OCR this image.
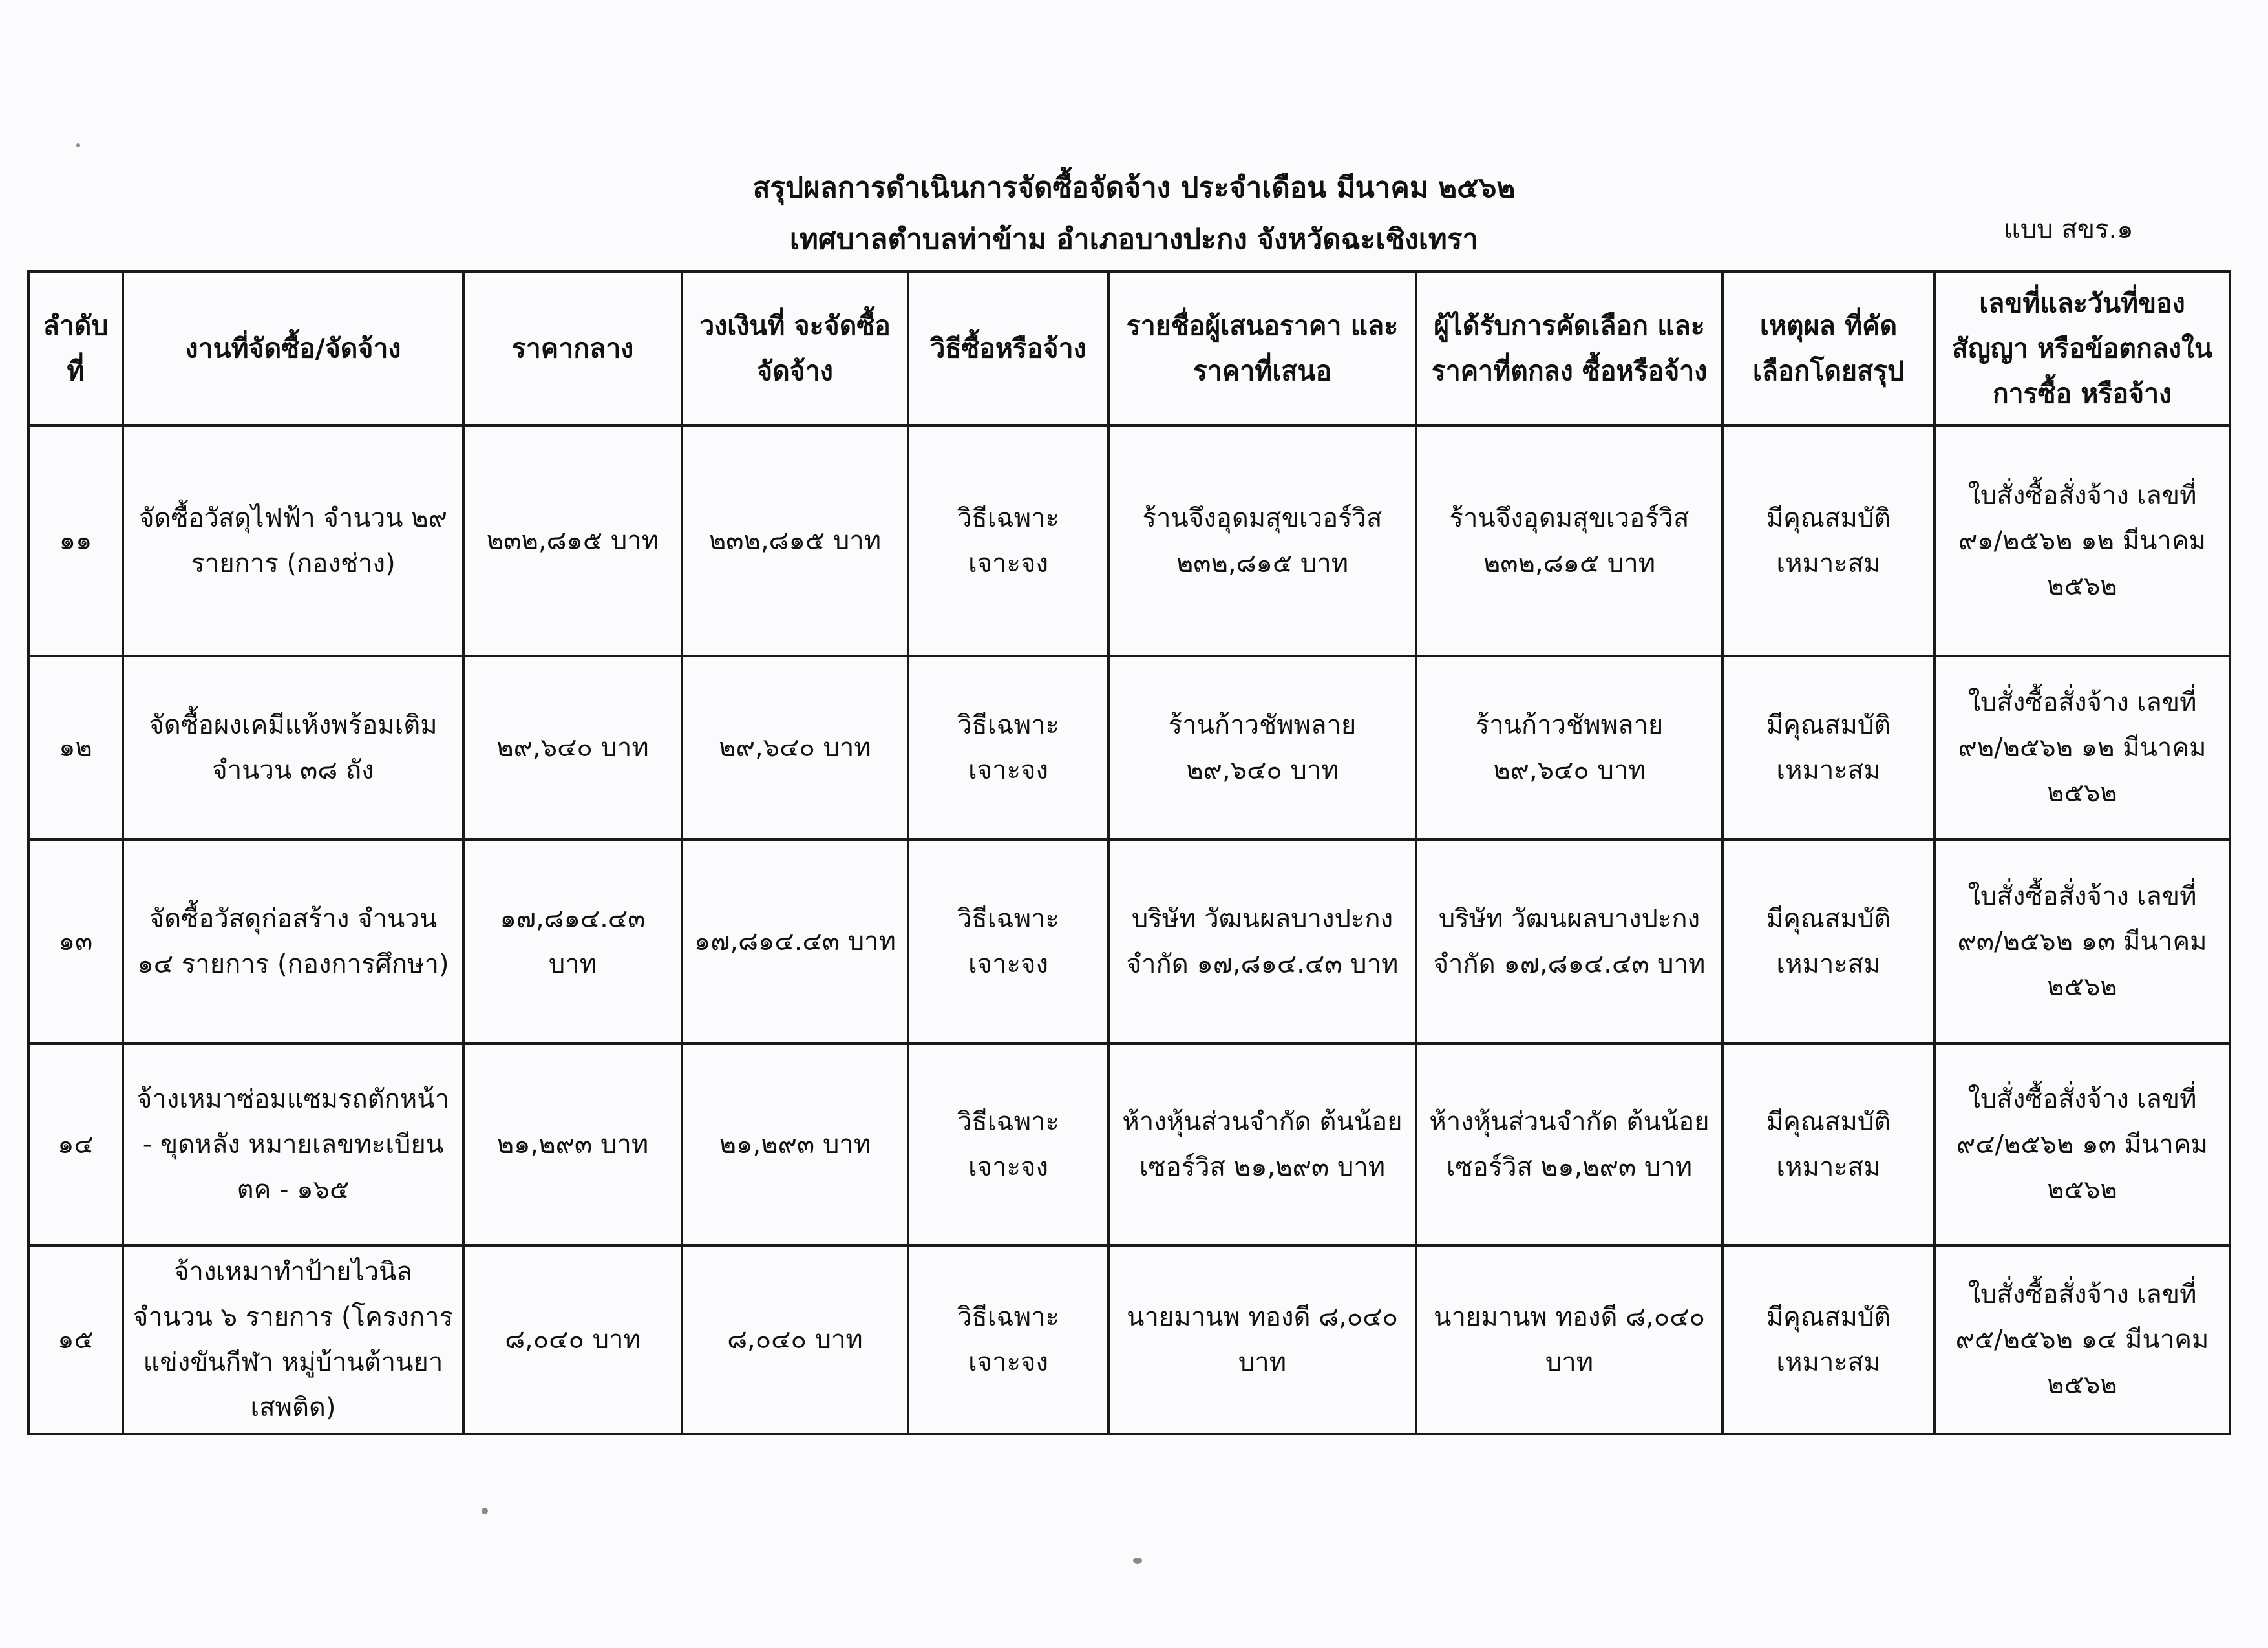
สรุปผลการดำเนินการจัดซื้อจัดจ้าง ประจำเดือน มีนาคม ๒๕๖๒
เทศบาลตำบลท่าข้าม อำเภอบางปะกง จังหวัดฉะเชิงเทรา	แบบ สขร.๑
ลำดับที่	งานที่จัดซื้อ/จัดจ้าง	ราคากลาง	วงเงินที่ จะจัดซื้อจัดจ้าง	วิธีซื้อหรือจ้าง	รายชื่อผู้เสนอราคา และราคาที่เสนอ	ผู้ได้รับการคัดเลือก และราคาที่ตกลง ซื้อหรือจ้าง	เหตุผล ที่คัดเลือกโดยสรุป	เลขที่และวันที่ของสัญญา หรือข้อตกลงในการซื้อ หรือจ้าง
๑๑	จัดซื้อวัสดุไฟฟ้า จำนวน ๒๙ รายการ (กองช่าง)	๒๓๒,๘๑๕ บาท	๒๓๒,๘๑๕ บาท	วิธีเฉพาะเจาะจง	ร้านจึงอุดมสุขเวอร์วิส ๒๓๒,๘๑๕ บาท	ร้านจึงอุดมสุขเวอร์วิส ๒๓๒,๘๑๕ บาท	มีคุณสมบัติ เหมาะสม	ใบสั่งซื้อสั่งจ้าง เลขที่ ๙๑/๒๕๖๒ ๑๒ มีนาคม ๒๕๖๒
๑๒	จัดซื้อผงเคมีแห้งพร้อมเติม จำนวน ๓๘ ถัง	๒๙,๖๔๐ บาท	๒๙,๖๔๐ บาท	วิธีเฉพาะเจาะจง	ร้านก้าวชัพพลาย ๒๙,๖๔๐ บาท	ร้านก้าวชัพพลาย ๒๙,๖๔๐ บาท	มีคุณสมบัติ เหมาะสม	ใบสั่งซื้อสั่งจ้าง เลขที่ ๙๒/๒๕๖๒ ๑๒ มีนาคม ๒๕๖๒
๑๓	จัดซื้อวัสดุก่อสร้าง จำนวน ๑๔ รายการ (กองการศึกษา)	๑๗,๘๑๔.๔๓ บาท	๑๗,๘๑๔.๔๓ บาท	วิธีเฉพาะเจาะจง	บริษัท วัฒนผลบางปะกง จำกัด ๑๗,๘๑๔.๔๓ บาท	บริษัท วัฒนผลบางปะกง จำกัด ๑๗,๘๑๔.๔๓ บาท	มีคุณสมบัติ เหมาะสม	ใบสั่งซื้อสั่งจ้าง เลขที่ ๙๓/๒๕๖๒ ๑๓ มีนาคม ๒๕๖๒
๑๔	จ้างเหมาซ่อมแซมรถตักหน้า - ขุดหลัง หมายเลขทะเบียน ตค - ๑๖๕	๒๑,๒๙๓ บาท	๒๑,๒๙๓ บาท	วิธีเฉพาะเจาะจง	ห้างหุ้นส่วนจำกัด ต้นน้อย เซอร์วิส ๒๑,๒๙๓ บาท	ห้างหุ้นส่วนจำกัด ต้นน้อย เซอร์วิส ๒๑,๒๙๓ บาท	มีคุณสมบัติ เหมาะสม	ใบสั่งซื้อสั่งจ้าง เลขที่ ๙๔/๒๕๖๒ ๑๓ มีนาคม ๒๕๖๒
๑๕	จ้างเหมาทำป้ายไวนิล จำนวน ๖ รายการ (โครงการแข่งขันกีฬา หมู่บ้านต้านยาเสพติด)	๘,๐๔๐ บาท	๘,๐๔๐ บาท	วิธีเฉพาะเจาะจง	นายมานพ ทองดี ๘,๐๔๐ บาท	นายมานพ ทองดี ๘,๐๔๐ บาท	มีคุณสมบัติ เหมาะสม	ใบสั่งซื้อสั่งจ้าง เลขที่ ๙๕/๒๕๖๒ ๑๔ มีนาคม ๒๕๖๒
